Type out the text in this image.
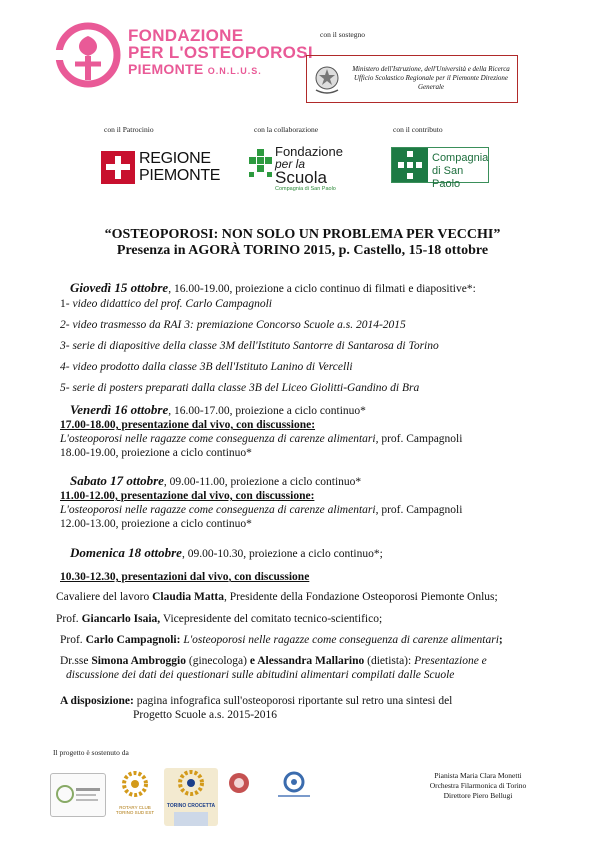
FONDAZIONE
PER L'OSTEOPOROSI
PIEMONTE O.N.L.U.S.
con il sostegno
Ministero dell'Istruzione, dell'Università e della Ricerca Ufficio Scolastico Regionale per il Piemonte Direzione Generale
con il Patrocinio	con la collaborazione	con il contributo
REGIONE
PIEMONTE
Fondazione
per la Scuola
Compagnia di San Paolo
Compagnia
di San Paolo
“OSTEOPOROSI: NON SOLO UN PROBLEMA PER VECCHI”
Presenza in AGORÀ TORINO 2015, p. Castello, 15-18 ottobre
Giovedì 15 ottobre, 16.00-19.00, proiezione a ciclo continuo di filmati e diapositive*:
1- video didattico del prof. Carlo Campagnoli
2- video trasmesso da RAI 3: premiazione Concorso Scuole a.s. 2014-2015
3- serie di diapositive della classe 3M dell'Istituto Santorre di Santarosa di Torino
4- video prodotto dalla classe 3B dell'Istituto Lanino di Vercelli
5- serie di posters preparati dalla classe 3B del Liceo Giolitti-Gandino di Bra
Venerdì 16 ottobre, 16.00-17.00, proiezione a ciclo continuo*
17.00-18.00, presentazione dal vivo, con discussione:
L'osteoporosi nelle ragazze come conseguenza di carenze alimentari, prof. Campagnoli
18.00-19.00, proiezione a ciclo continuo*
Sabato 17 ottobre, 09.00-11.00, proiezione a ciclo continuo*
11.00-12.00, presentazione dal vivo, con discussione:
L'osteoporosi nelle ragazze come conseguenza di carenze alimentari, prof. Campagnoli
12.00-13.00, proiezione a ciclo continuo*
Domenica 18 ottobre, 09.00-10.30, proiezione a ciclo continuo*;
10.30-12.30, presentazioni dal vivo, con discussione
Cavaliere del lavoro Claudia Matta, Presidente della Fondazione Osteoporosi Piemonte Onlus;
Prof. Giancarlo Isaia, Vicepresidente del comitato tecnico-scientifico;
Prof. Carlo Campagnoli: L'osteoporosi nelle ragazze come conseguenza di carenze alimentari;
Dr.sse Simona Ambroggio (ginecologa) e Alessandra Mallarino (dietista): Presentazione e
discussione dei dati dei questionari sulle abitudini alimentari compilati dalle Scuole
A disposizione: pagina infografica sull'osteoporosi riportante sul retro una sintesi del
Progetto Scuole a.s. 2015-2016
Il progetto è sostenuto da
ROTARY CLUB TORINO SUD EST
TORINO CROCETTA
Pianista Maria Clara Monetti
Orchestra Filarmonica di Torino
Direttore Piero Bellugi
